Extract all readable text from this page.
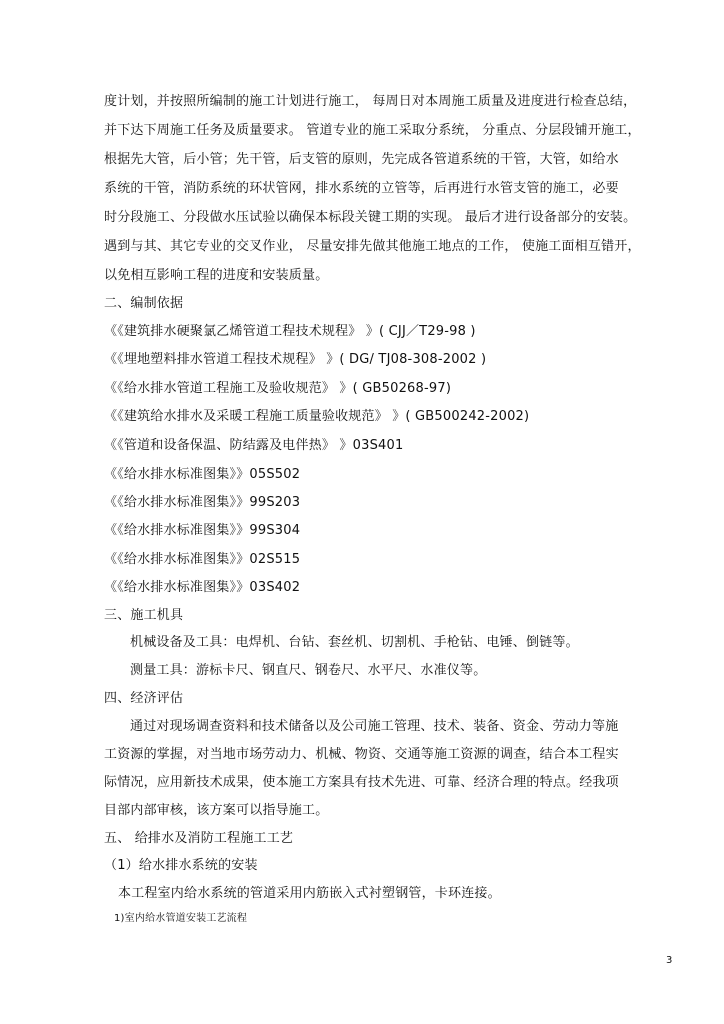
度计划，并按照所编制的施工计划进行施工， 每周日对本周施工质量及进度进行检查总结，
并下达下周施工任务及质量要求。 管道专业的施工采取分系统， 分重点、分层段铺开施工，
根据先大管，后小管；先干管，后支管的原则，先完成各管道系统的干管，大管，如给水
系统的干管，消防系统的环状管网，排水系统的立管等，后再进行水管支管的施工，必要
时分段施工、分段做水压试验以确保本标段关键工期的实现。 最后才进行设备部分的安装。
遇到与其、其它专业的交叉作业， 尽量安排先做其他施工地点的工作， 使施工面相互错开，
以免相互影响工程的进度和安装质量。
二、编制依据
《《建筑排水硬聚氯乙烯管道工程技术规程》 》( CJJ／T29-98 )
《《埋地塑料排水管道工程技术规程》 》( DG/ TJ08-308-2002 )
《《给水排水管道工程施工及验收规范》 》( GB50268-97)
《《建筑给水排水及采暖工程施工质量验收规范》 》( GB500242-2002)
《《管道和设备保温、防结露及电伴热》 》03S401
《《给水排水标准图集》》05S502
《《给水排水标准图集》》99S203
《《给水排水标准图集》》99S304
《《给水排水标准图集》》02S515
《《给水排水标准图集》》03S402
三、施工机具
机械设备及工具：电焊机、台钻、套丝机、切割机、手枪钻、电锤、倒链等。
测量工具：游标卡尺、钢直尺、钢卷尺、水平尺、水准仪等。
四、经济评估
通过对现场调查资料和技术储备以及公司施工管理、技术、装备、资金、劳动力等施
工资源的掌握，对当地市场劳动力、机械、物资、交通等施工资源的调查，结合本工程实
际情况，应用新技术成果，使本施工方案具有技术先进、可靠、经济合理的特点。经我项
目部内部审核，该方案可以指导施工。
五、 给排水及消防工程施工工艺
（1）给水排水系统的安装
本工程室内给水系统的管道采用内筋嵌入式衬塑钢管，卡环连接。
1)室内给水管道安装工艺流程
3
